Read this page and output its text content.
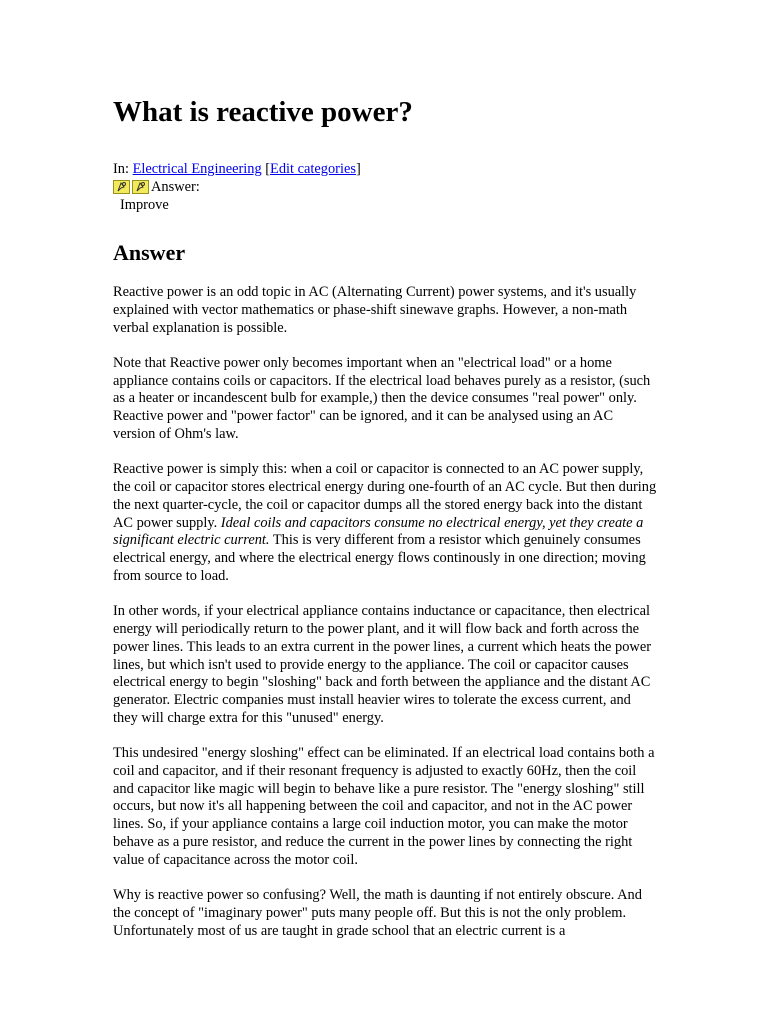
What is reactive power?
In: Electrical Engineering [Edit categories]
Answer:
Improve
Answer

Reactive power is an odd topic in AC (Alternating Current) power systems, and it's usually explained with vector mathematics or phase-shift sinewave graphs. However, a non-math verbal explanation is possible.

Note that Reactive power only becomes important when an "electrical load" or a home appliance contains coils or capacitors. If the electrical load behaves purely as a resistor, (such as a heater or incandescent bulb for example,) then the device consumes "real power" only. Reactive power and "power factor" can be ignored, and it can be analysed using an AC version of Ohm's law.

Reactive power is simply this: when a coil or capacitor is connected to an AC power supply, the coil or capacitor stores electrical energy during one-fourth of an AC cycle. But then during the next quarter-cycle, the coil or capacitor dumps all the stored energy back into the distant AC power supply. Ideal coils and capacitors consume no electrical energy, yet they create a significant electric current. This is very different from a resistor which genuinely consumes electrical energy, and where the electrical energy flows continously in one direction; moving from source to load.

In other words, if your electrical appliance contains inductance or capacitance, then electrical energy will periodically return to the power plant, and it will flow back and forth across the power lines. This leads to an extra current in the power lines, a current which heats the power lines, but which isn't used to provide energy to the appliance. The coil or capacitor causes electrical energy to begin "sloshing" back and forth between the appliance and the distant AC generator. Electric companies must install heavier wires to tolerate the excess current, and they will charge extra for this "unused" energy.

This undesired "energy sloshing" effect can be eliminated. If an electrical load contains both a coil and capacitor, and if their resonant frequency is adjusted to exactly 60Hz, then the coil and capacitor like magic will begin to behave like a pure resistor. The "energy sloshing" still occurs, but now it's all happening between the coil and capacitor, and not in the AC power lines. So, if your appliance contains a large coil induction motor, you can make the motor behave as a pure resistor, and reduce the current in the power lines by connecting the right value of capacitance across the motor coil.

Why is reactive power so confusing? Well, the math is daunting if not entirely obscure. And the concept of "imaginary power" puts many people off. But this is not the only problem. Unfortunately most of us are taught in grade school that an electric current is a
